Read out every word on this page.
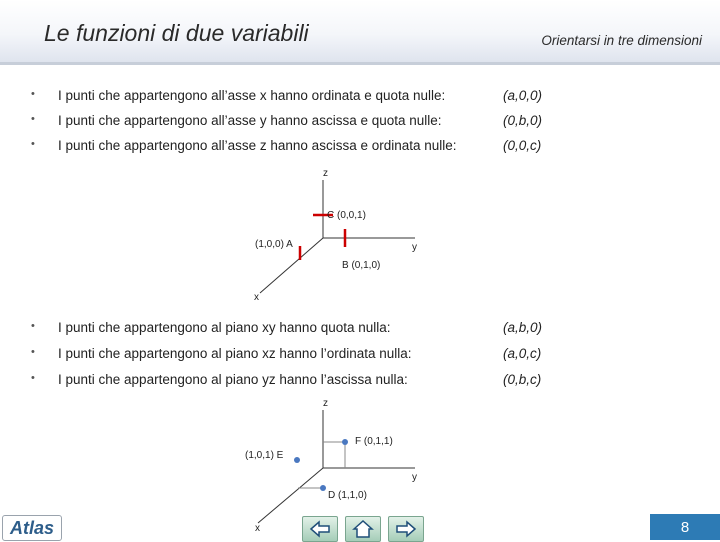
Le funzioni di due variabili	Orientarsi in tre dimensioni
• I punti che appartengono all’asse x hanno ordinata e quota nulle:	(a,0,0)
• I punti che appartengono all’asse y hanno ascissa e quota nulle:	(0,b,0)
• I punti che appartengono all’asse z hanno ascissa e ordinata nulle:	(0,0,c)
z
y
x
C (0,0,1)
(1,0,0) A
B (0,1,0)
• I punti che appartengono al piano xy hanno quota nulla:	(a,b,0)
• I punti che appartengono al piano xz hanno l’ordinata nulla:	(a,0,c)
• I punti che appartengono al piano yz hanno l’ascissa nulla:	(0,b,c)
z
y
x
F (0,1,1)
(1,0,1) E
D (1,1,0)
Atlas	8
